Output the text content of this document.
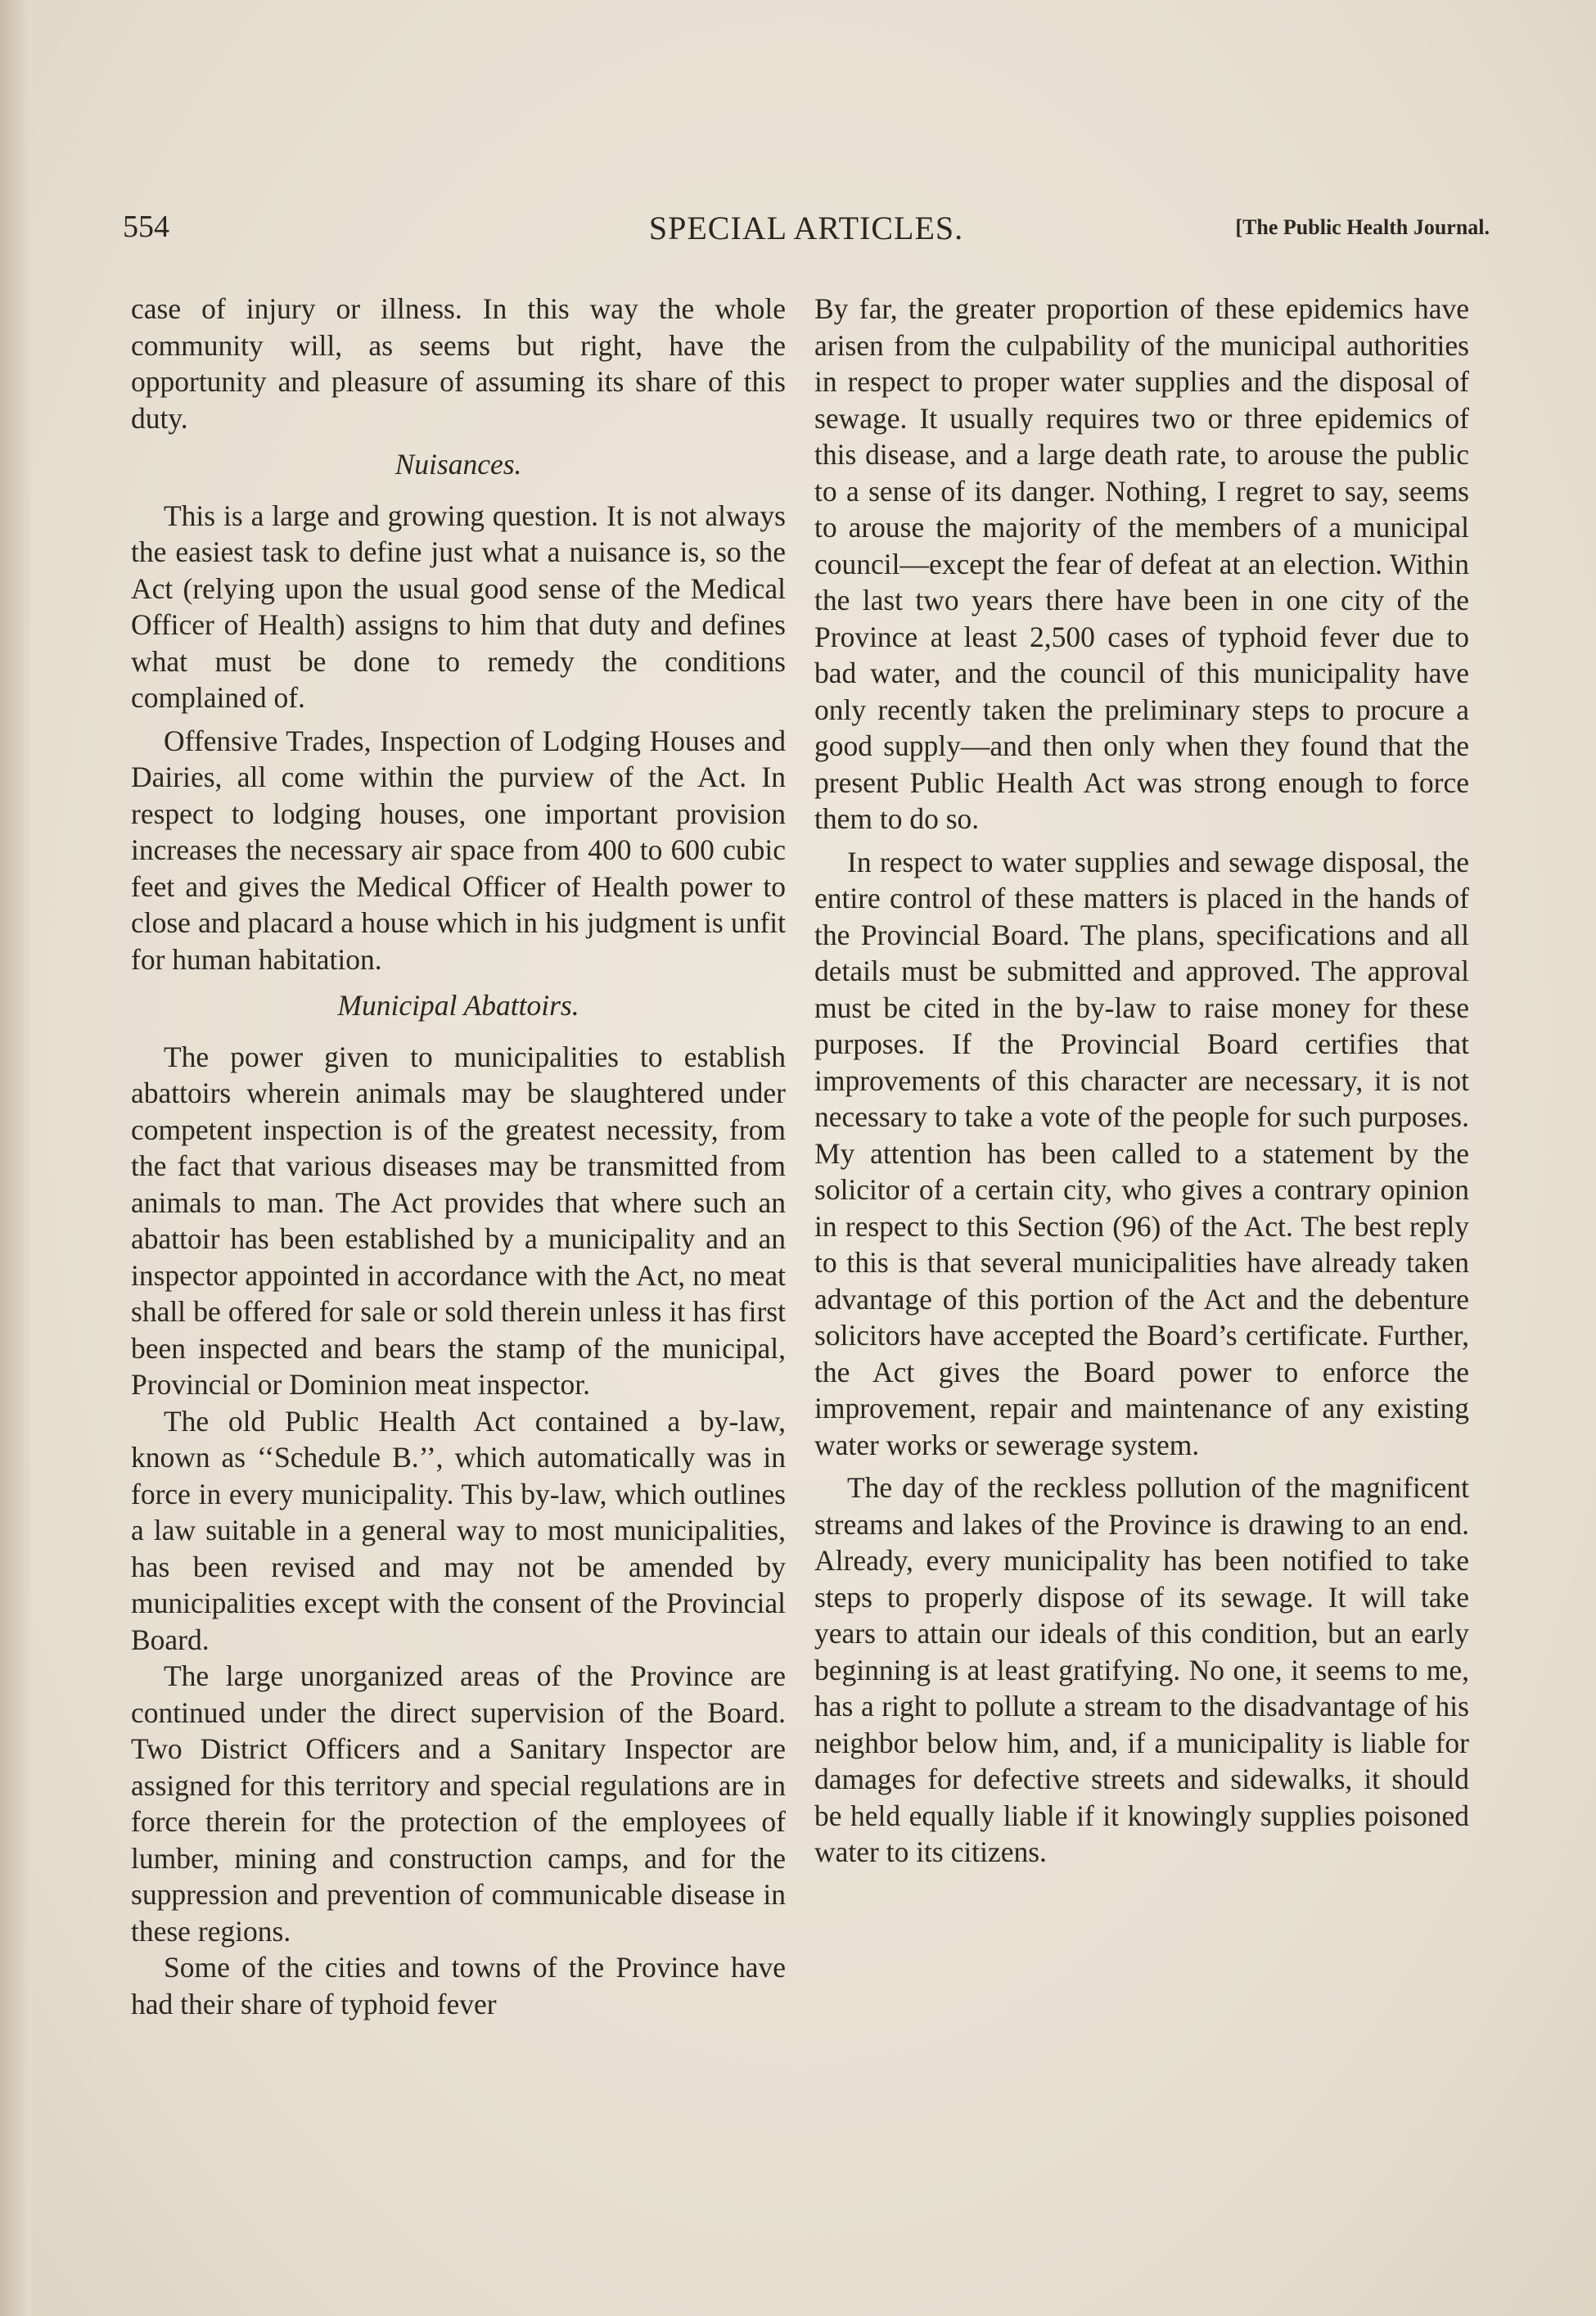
SPECIAL ARTICLES.
554	[The Public Health Journal.

case of injury or illness. In this way the whole community will, as seems but right, have the opportunity and pleasure of assuming its share of this duty.

Nuisances.

This is a large and growing question. It is not always the easiest task to define just what a nuisance is, so the Act (relying upon the usual good sense of the Medical Officer of Health) assigns to him that duty and defines what must be done to remedy the conditions complained of.

Offensive Trades, Inspection of Lodging Houses and Dairies, all come within the purview of the Act. In respect to lodging houses, one important provision increases the necessary air space from 400 to 600 cubic feet and gives the Medical Officer of Health power to close and placard a house which in his judgment is unfit for human habitation.

Municipal Abattoirs.

The power given to municipalities to establish abattoirs wherein animals may be slaughtered under competent inspection is of the greatest necessity, from the fact that various diseases may be transmitted from animals to man. The Act provides that where such an abattoir has been established by a municipality and an inspector appointed in accordance with the Act, no meat shall be offered for sale or sold therein unless it has first been inspected and bears the stamp of the municipal, Provincial or Dominion meat inspector.

The old Public Health Act contained a by-law, known as ‘‘Schedule B.’’, which automatically was in force in every municipality. This by-law, which outlines a law suitable in a general way to most municipalities, has been revised and may not be amended by municipalities except with the consent of the Provincial Board.

The large unorganized areas of the Province are continued under the direct supervision of the Board. Two District Officers and a Sanitary Inspector are assigned for this territory and special regulations are in force therein for the protection of the employees of lumber, mining and construction camps, and for the suppression and prevention of communicable disease in these regions.

Some of the cities and towns of the Province have had their share of typhoid fever

By far, the greater proportion of these epidemics have arisen from the culpability of the municipal authorities in respect to proper water supplies and the disposal of sewage. It usually requires two or three epidemics of this disease, and a large death rate, to arouse the public to a sense of its danger. Nothing, I regret to say, seems to arouse the majority of the members of a municipal council—except the fear of defeat at an election. Within the last two years there have been in one city of the Province at least 2,500 cases of typhoid fever due to bad water, and the council of this municipality have only recently taken the preliminary steps to procure a good supply—and then only when they found that the present Public Health Act was strong enough to force them to do so.

In respect to water supplies and sewage disposal, the entire control of these matters is placed in the hands of the Provincial Board. The plans, specifications and all details must be submitted and approved. The approval must be cited in the by-law to raise money for these purposes. If the Provincial Board certifies that improvements of this character are necessary, it is not necessary to take a vote of the people for such purposes. My attention has been called to a statement by the solicitor of a certain city, who gives a contrary opinion in respect to this Section (96) of the Act. The best reply to this is that several municipalities have already taken advantage of this portion of the Act and the debenture solicitors have accepted the Board’s certificate. Further, the Act gives the Board power to enforce the improvement, repair and maintenance of any existing water works or sewerage system.

The day of the reckless pollution of the magnificent streams and lakes of the Province is drawing to an end. Already, every municipality has been notified to take steps to properly dispose of its sewage. It will take years to attain our ideals of this condition, but an early beginning is at least gratifying. No one, it seems to me, has a right to pollute a stream to the disadvantage of his neighbor below him, and, if a municipality is liable for damages for defective streets and sidewalks, it should be held equally liable if it knowingly supplies poisoned water to its citizens.
